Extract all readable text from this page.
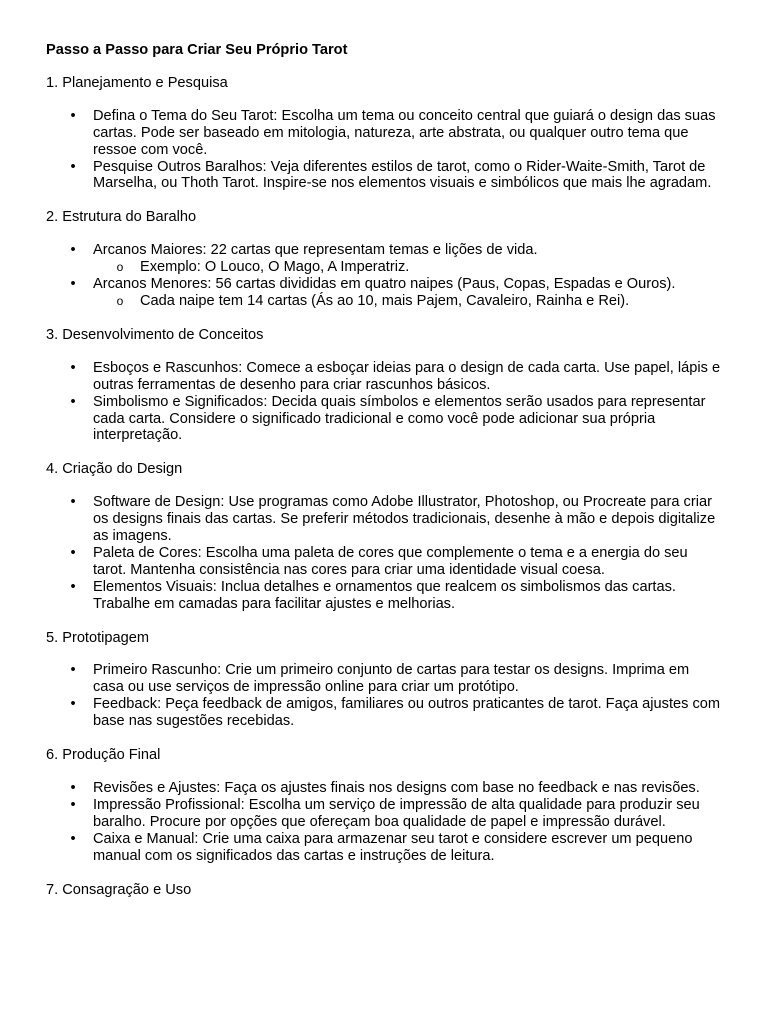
Passo a Passo para Criar Seu Próprio Tarot
1. Planejamento e Pesquisa
• Defina o Tema do Seu Tarot: Escolha um tema ou conceito central que guiará o design das suas cartas. Pode ser baseado em mitologia, natureza, arte abstrata, ou qualquer outro tema que ressoe com você.
• Pesquise Outros Baralhos: Veja diferentes estilos de tarot, como o Rider-Waite-Smith, Tarot de Marselha, ou Thoth Tarot. Inspire-se nos elementos visuais e simbólicos que mais lhe agradam.
2. Estrutura do Baralho
• Arcanos Maiores: 22 cartas que representam temas e lições de vida.
o Exemplo: O Louco, O Mago, A Imperatriz.
• Arcanos Menores: 56 cartas divididas em quatro naipes (Paus, Copas, Espadas e Ouros).
o Cada naipe tem 14 cartas (Ás ao 10, mais Pajem, Cavaleiro, Rainha e Rei).
3. Desenvolvimento de Conceitos
• Esboços e Rascunhos: Comece a esboçar ideias para o design de cada carta. Use papel, lápis e outras ferramentas de desenho para criar rascunhos básicos.
• Simbolismo e Significados: Decida quais símbolos e elementos serão usados para representar cada carta. Considere o significado tradicional e como você pode adicionar sua própria interpretação.
4. Criação do Design
• Software de Design: Use programas como Adobe Illustrator, Photoshop, ou Procreate para criar os designs finais das cartas. Se preferir métodos tradicionais, desenhe à mão e depois digitalize as imagens.
• Paleta de Cores: Escolha uma paleta de cores que complemente o tema e a energia do seu tarot. Mantenha consistência nas cores para criar uma identidade visual coesa.
• Elementos Visuais: Inclua detalhes e ornamentos que realcem os simbolismos das cartas. Trabalhe em camadas para facilitar ajustes e melhorias.
5. Prototipagem
• Primeiro Rascunho: Crie um primeiro conjunto de cartas para testar os designs. Imprima em casa ou use serviços de impressão online para criar um protótipo.
• Feedback: Peça feedback de amigos, familiares ou outros praticantes de tarot. Faça ajustes com base nas sugestões recebidas.
6. Produção Final
• Revisões e Ajustes: Faça os ajustes finais nos designs com base no feedback e nas revisões.
• Impressão Profissional: Escolha um serviço de impressão de alta qualidade para produzir seu baralho. Procure por opções que ofereçam boa qualidade de papel e impressão durável.
• Caixa e Manual: Crie uma caixa para armazenar seu tarot e considere escrever um pequeno manual com os significados das cartas e instruções de leitura.
7. Consagração e Uso
